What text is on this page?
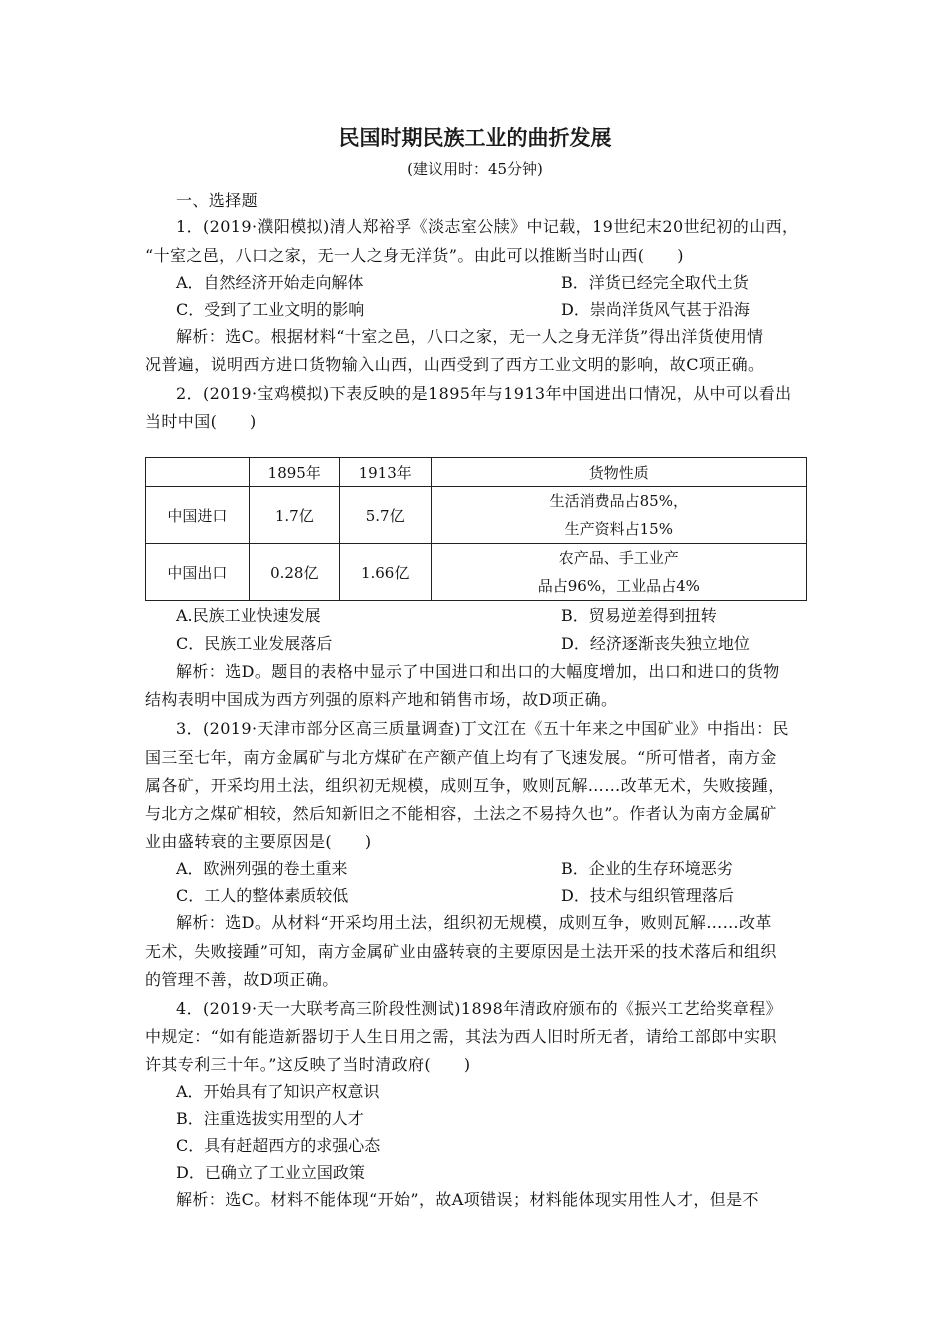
民国时期民族工业的曲折发展
(建议用时：45分钟)
一、选择题
1．(2019·濮阳模拟)清人郑裕孚《淡志室公牍》中记载，19世纪末20世纪初的山西，
“十室之邑，八口之家，无一人之身无洋货”。由此可以推断当时山西(　　)
A．自然经济开始走向解体	B．洋货已经完全取代土货
C．受到了工业文明的影响	D．崇尚洋货风气甚于沿海
解析：选C。根据材料“十室之邑，八口之家，无一人之身无洋货”得出洋货使用情
况普遍，说明西方进口货物输入山西，山西受到了西方工业文明的影响，故C项正确。
2．(2019·宝鸡模拟)下表反映的是1895年与1913年中国进出口情况，从中可以看出
当时中国(　　)
	1895年	1913年	货物性质
中国进口	1.7亿	5.7亿	生活消费品占85%，
生产资料占15%

中国出口	0.28亿	1.66亿	农产品、手工业产
品占96%，工业品占4%
A.民族工业快速发展	B．贸易逆差得到扭转
C．民族工业发展落后	D．经济逐渐丧失独立地位
解析：选D。题目的表格中显示了中国进口和出口的大幅度增加，出口和进口的货物
结构表明中国成为西方列强的原料产地和销售市场，故D项正确。
3．(2019·天津市部分区高三质量调查)丁文江在《五十年来之中国矿业》中指出：民
国三至七年，南方金属矿与北方煤矿在产额产值上均有了飞速发展。“所可惜者，南方金
属各矿，开采均用土法，组织初无规模，成则互争，败则瓦解……改革无术，失败接踵，
与北方之煤矿相较，然后知新旧之不能相容，土法之不易持久也”。作者认为南方金属矿
业由盛转衰的主要原因是(　　)
A．欧洲列强的卷土重来	B．企业的生存环境恶劣
C．工人的整体素质较低	D．技术与组织管理落后
解析：选D。从材料“开采均用土法，组织初无规模，成则互争，败则瓦解……改革
无术，失败接踵”可知，南方金属矿业由盛转衰的主要原因是土法开采的技术落后和组织
的管理不善，故D项正确。
4．(2019·天一大联考高三阶段性测试)1898年清政府颁布的《振兴工艺给奖章程》
中规定：“如有能造新器切于人生日用之需，其法为西人旧时所无者，请给工部郎中实职
许其专利三十年。”这反映了当时清政府(　　)
A．开始具有了知识产权意识
B．注重选拔实用型的人才
C．具有赶超西方的求强心态
D．已确立了工业立国政策
解析：选C。材料不能体现“开始”，故A项错误；材料能体现实用性人才，但是不
